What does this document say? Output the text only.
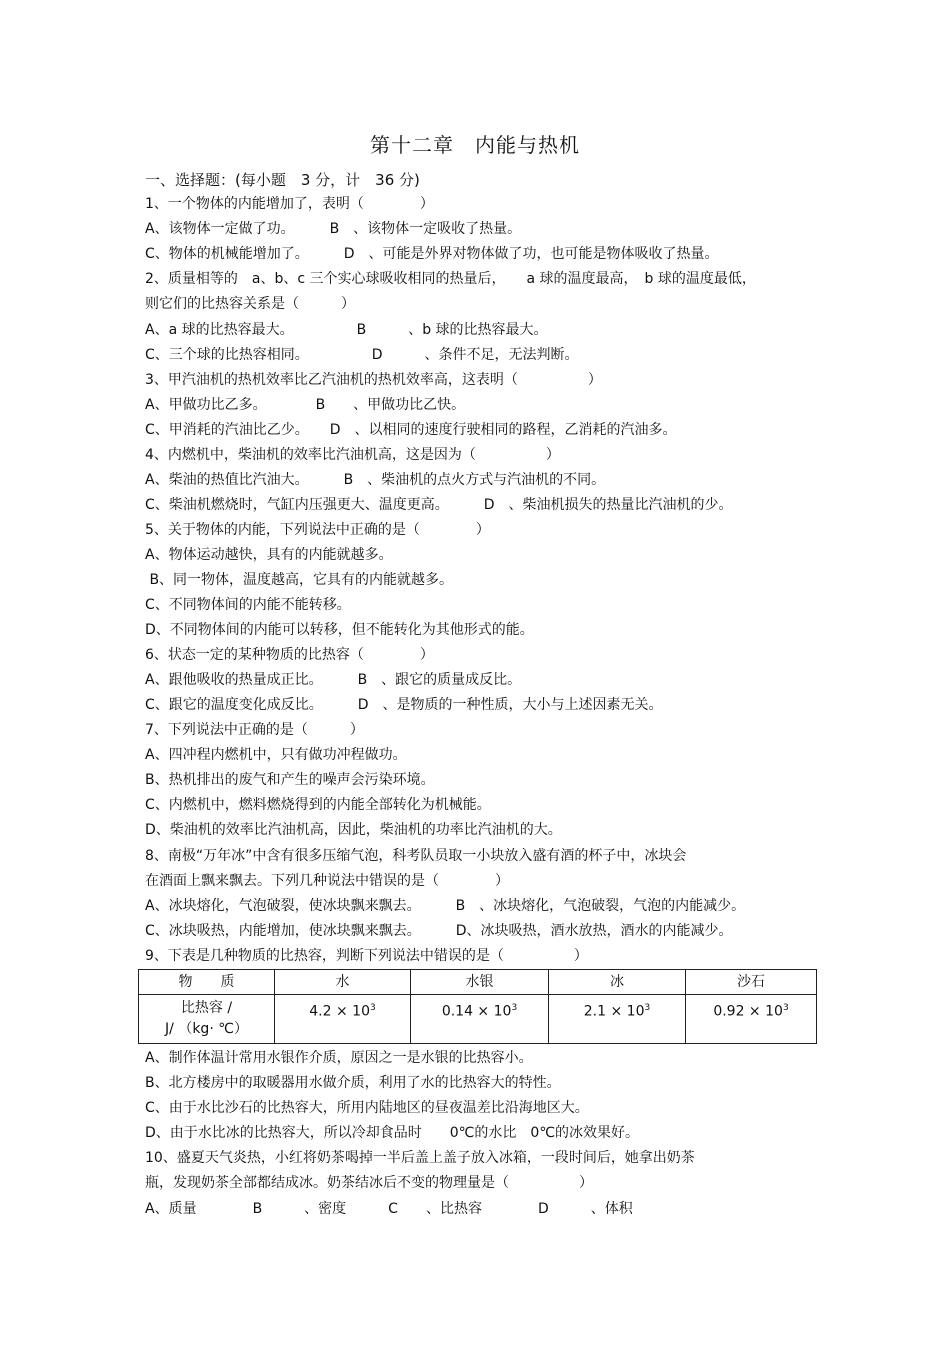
第十二章　内能与热机
一、选择题：(每小题　3 分，计　36 分)
1、一个物体的内能增加了，表明（　　　　）
A、该物体一定做了功。　　　B　、该物体一定吸收了热量。
C、物体的机械能增加了。　　　D　、可能是外界对物体做了功，也可能是物体吸收了热量。
2、质量相等的　a、b、c 三个实心球吸收相同的热量后，　　a 球的温度最高，　b 球的温度最低，
则它们的比热容关系是（　　　）
A、a 球的比热容最大。　　　　　B　　　、b 球的比热容最大。
C、三个球的比热容相同。　　　　　D　　　、条件不足，无法判断。
3、甲汽油机的热机效率比乙汽油机的热机效率高，这表明（　　　　　）
A、甲做功比乙多。　　　　B　　、甲做功比乙快。
C、甲消耗的汽油比乙少。　　D　、以相同的速度行驶相同的路程，乙消耗的汽油多。
4、内燃机中，柴油机的效率比汽油机高，这是因为（　　　　　）
A、柴油的热值比汽油大。　　　B　、柴油机的点火方式与汽油机的不同。
C、柴油机燃烧时，气缸内压强更大、温度更高。　　　D　、柴油机损失的热量比汽油机的少。
5、关于物体的内能，下列说法中正确的是（　　　　）
A、物体运动越快，具有的内能就越多。
B、同一物体，温度越高，它具有的内能就越多。
C、不同物体间的内能不能转移。
D、不同物体间的内能可以转移，但不能转化为其他形式的能。
6、状态一定的某种物质的比热容（　　　　）
A、跟他吸收的热量成正比。　　　B　、跟它的质量成反比。
C、跟它的温度变化成反比。　　　D　、是物质的一种性质，大小与上述因素无关。
7、下列说法中正确的是（　　　）
A、四冲程内燃机中，只有做功冲程做功。
B、热机排出的废气和产生的噪声会污染环境。
C、内燃机中，燃料燃烧得到的内能全部转化为机械能。
D、柴油机的效率比汽油机高，因此，柴油机的功率比汽油机的大。
8、南极“万年冰”中含有很多压缩气泡，科考队员取一小块放入盛有酒的杯子中，冰块会
在酒面上飘来飘去。下列几种说法中错误的是（　　　　）
A、冰块熔化，气泡破裂，使冰块飘来飘去。　　　B　、冰块熔化，气泡破裂，气泡的内能减少。
C、冰块吸热，内能增加，使冰块飘来飘去。　　　D、冰块吸热，酒水放热，酒水的内能减少。
9、下表是几种物质的比热容，判断下列说法中错误的是（　　　　　）
物　　质	水	水银	冰	沙石

比热容 /
J/ （kg· ℃）	$4.2 \times 10^3$	$0.14 \times 10^3$	$2.1 \times 10^3$	$0.92 \times 10^3$
A、制作体温计常用水银作介质，原因之一是水银的比热容小。
B、北方楼房中的取暖器用水做介质，利用了水的比热容大的特性。
C、由于水比沙石的比热容大，所用内陆地区的昼夜温差比沿海地区大。
D、由于水比冰的比热容大，所以冷却食品时　　0℃的水比　0℃的冰效果好。
10、盛夏天气炎热，小红将奶茶喝掉一半后盖上盖子放入冰箱，一段时间后，她拿出奶茶
瓶，发现奶茶全部都结成冰。奶茶结冰后不变的物理量是（　　　　　）
A、质量　　　　B　　　、密度　　　C　　、比热容　　　　D　　　、体积
